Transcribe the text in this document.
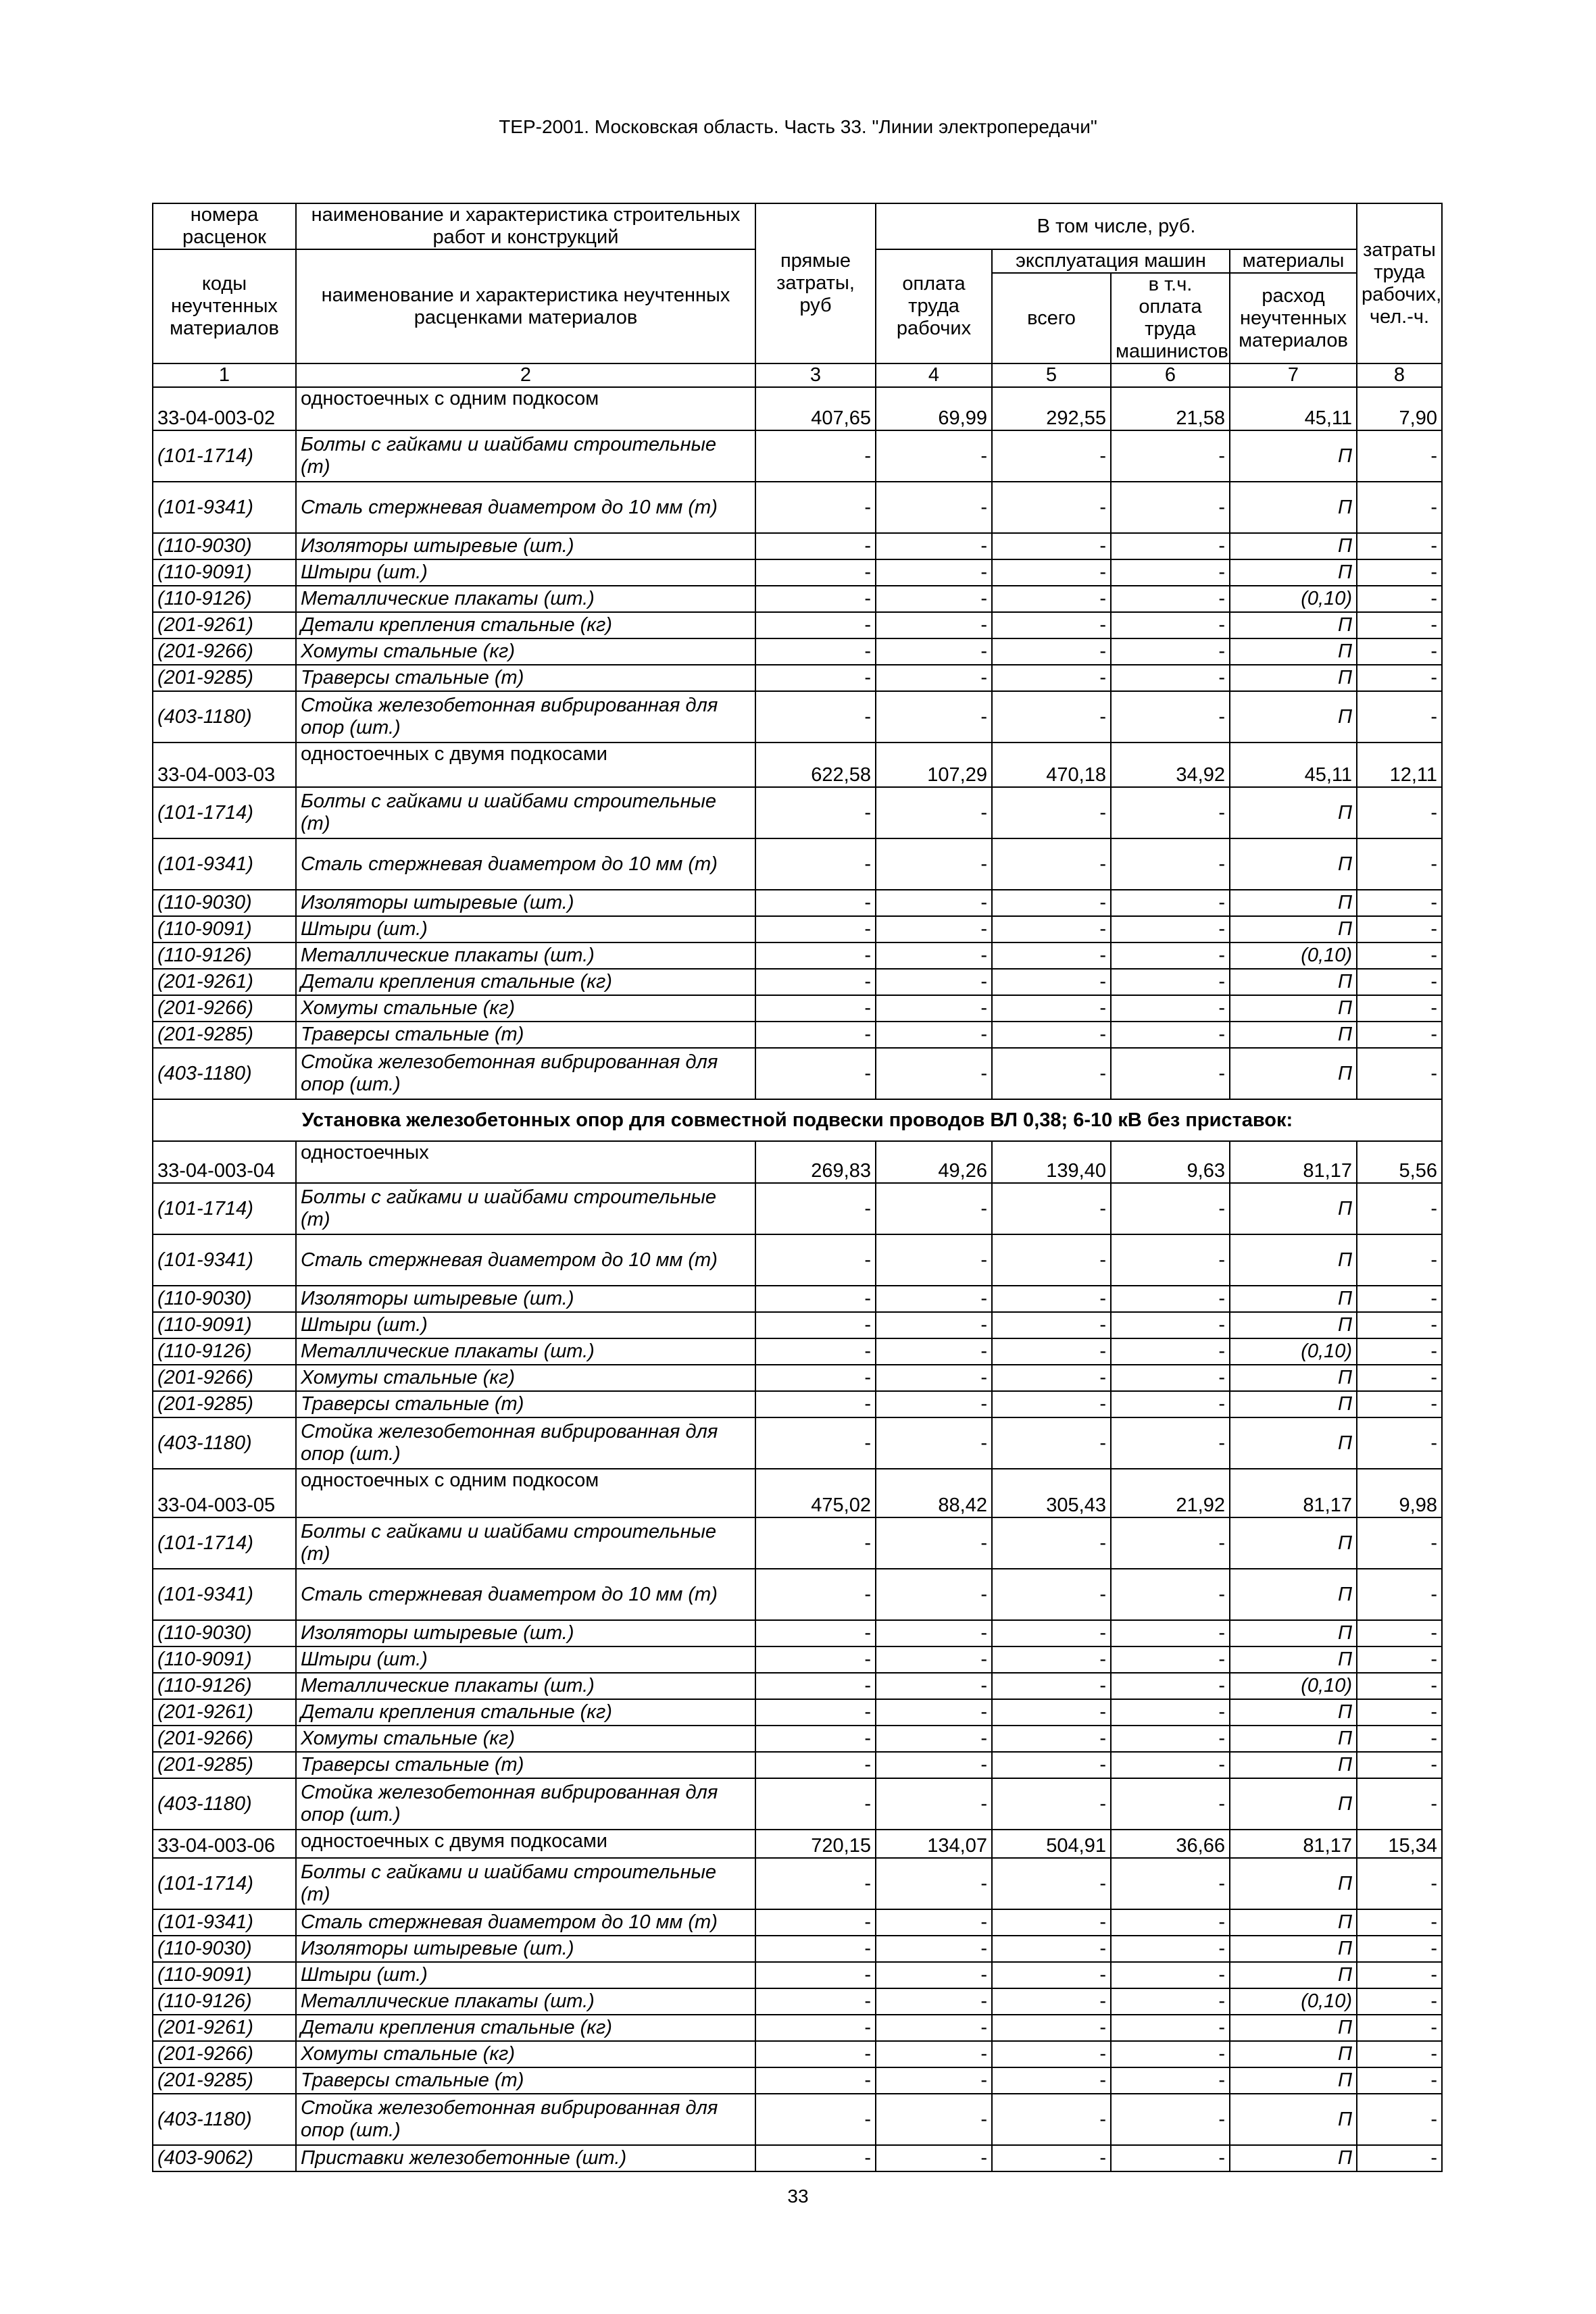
ТЕР-2001. Московская область. Часть 33. "Линии электропередачи"
номера расценок	наименование и характеристика строительных работ и конструкций	прямые затраты, руб	В том числе, руб.				затраты труда рабочих, чел.-ч.
коды неучтенных материалов	наименование и характеристика неучтенных расценками материалов		оплата труда рабочих	эксплуатация машин		материалы	
				всего	в т.ч. оплата труда машинистов	расход неучтенных материалов	
1	2	3	4	5	6	7	8
33-04-003-02	одностоечных с одним подкосом	407,65	69,99	292,55	21,58	45,11	7,90
(101-1714)	Болты с гайками и шайбами строительные (т)	-	-	-	-	П	-
(101-9341)	Сталь стержневая диаметром до 10 мм (т)	-	-	-	-	П	-
(110-9030)	Изоляторы штыревые (шт.)	-	-	-	-	П	-
(110-9091)	Штыри (шт.)	-	-	-	-	П	-
(110-9126)	Металлические плакаты (шт.)	-	-	-	-	(0,10)	-
(201-9261)	Детали крепления стальные (кг)	-	-	-	-	П	-
(201-9266)	Хомуты стальные (кг)	-	-	-	-	П	-
(201-9285)	Траверсы стальные (т)	-	-	-	-	П	-
(403-1180)	Стойка железобетонная вибрированная для опор (шт.)	-	-	-	-	П	-
33-04-003-03	одностоечных с двумя подкосами	622,58	107,29	470,18	34,92	45,11	12,11
(101-1714)	Болты с гайками и шайбами строительные (т)	-	-	-	-	П	-
(101-9341)	Сталь стержневая диаметром до 10 мм (т)	-	-	-	-	П	-
(110-9030)	Изоляторы штыревые (шт.)	-	-	-	-	П	-
(110-9091)	Штыри (шт.)	-	-	-	-	П	-
(110-9126)	Металлические плакаты (шт.)	-	-	-	-	(0,10)	-
(201-9261)	Детали крепления стальные (кг)	-	-	-	-	П	-
(201-9266)	Хомуты стальные (кг)	-	-	-	-	П	-
(201-9285)	Траверсы стальные (т)	-	-	-	-	П	-
(403-1180)	Стойка железобетонная вибрированная для опор (шт.)	-	-	-	-	П	-
Установка железобетонных опор для совместной подвески проводов ВЛ 0,38; 6-10 кВ без приставок:							
33-04-003-04	одностоечных	269,83	49,26	139,40	9,63	81,17	5,56
(101-1714)	Болты с гайками и шайбами строительные (т)	-	-	-	-	П	-
(101-9341)	Сталь стержневая диаметром до 10 мм (т)	-	-	-	-	П	-
(110-9030)	Изоляторы штыревые (шт.)	-	-	-	-	П	-
(110-9091)	Штыри (шт.)	-	-	-	-	П	-
(110-9126)	Металлические плакаты (шт.)	-	-	-	-	(0,10)	-
(201-9266)	Хомуты стальные (кг)	-	-	-	-	П	-
(201-9285)	Траверсы стальные (т)	-	-	-	-	П	-
(403-1180)	Стойка железобетонная вибрированная для опор (шт.)	-	-	-	-	П	-
33-04-003-05	одностоечных с одним подкосом	475,02	88,42	305,43	21,92	81,17	9,98
(101-1714)	Болты с гайками и шайбами строительные (т)	-	-	-	-	П	-
(101-9341)	Сталь стержневая диаметром до 10 мм (т)	-	-	-	-	П	-
(110-9030)	Изоляторы штыревые (шт.)	-	-	-	-	П	-
(110-9091)	Штыри (шт.)	-	-	-	-	П	-
(110-9126)	Металлические плакаты (шт.)	-	-	-	-	(0,10)	-
(201-9261)	Детали крепления стальные (кг)	-	-	-	-	П	-
(201-9266)	Хомуты стальные (кг)	-	-	-	-	П	-
(201-9285)	Траверсы стальные (т)	-	-	-	-	П	-
(403-1180)	Стойка железобетонная вибрированная для опор (шт.)	-	-	-	-	П	-
33-04-003-06	одностоечных с двумя подкосами	720,15	134,07	504,91	36,66	81,17	15,34
(101-1714)	Болты с гайками и шайбами строительные (т)	-	-	-	-	П	-
(101-9341)	Сталь стержневая диаметром до 10 мм (т)	-	-	-	-	П	-
(110-9030)	Изоляторы штыревые (шт.)	-	-	-	-	П	-
(110-9091)	Штыри (шт.)	-	-	-	-	П	-
(110-9126)	Металлические плакаты (шт.)	-	-	-	-	(0,10)	-
(201-9261)	Детали крепления стальные (кг)	-	-	-	-	П	-
(201-9266)	Хомуты стальные (кг)	-	-	-	-	П	-
(201-9285)	Траверсы стальные (т)	-	-	-	-	П	-
(403-1180)	Стойка железобетонная вибрированная для опор (шт.)	-	-	-	-	П	-
(403-9062)	Приставки железобетонные (шт.)	-	-	-	-	П	-
33
